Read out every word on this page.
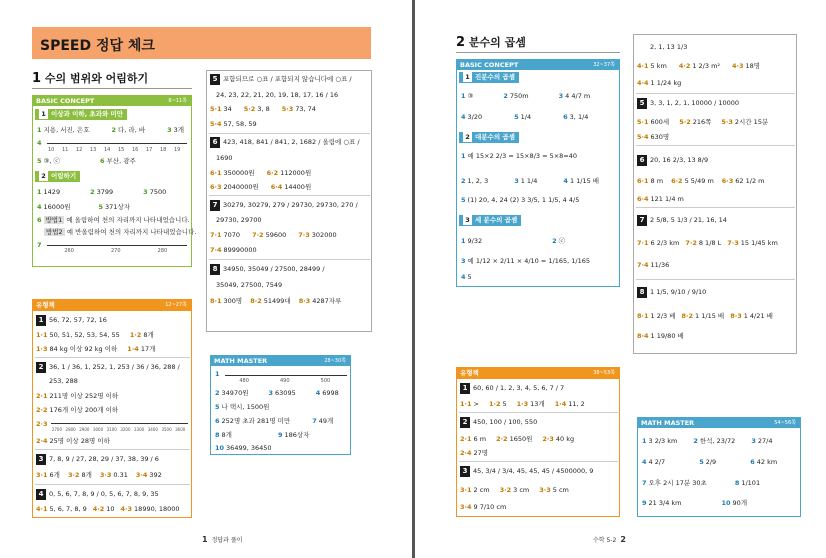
SPEED 정답 체크
1 수의 범위와 어림하기
BASIC CONCEPT	8~11쪽
1 이상과 이하, 초과와 미만
1 지용, 서진, 은호	2 다, 라, 바	3 3개
4
10 11 12 13 14 15 16 17 18 19
5 ③, ⓒ	6 부산, 광주
2 어림하기
1 1429	2 3799	3 7500
4 16000원	5 371상자
6 방법1 예 올림하여 천의 자리까지 나타내었습니다.
방법2 예 반올림하여 천의 자리까지 나타내었습니다.
7
260	270	280
유형책	12~27쪽
1 56, 72, 57, 72, 16
1·1 50, 51, 52, 53, 54, 55 1·2 8개
1·3 84 kg 이상 92 kg 이하 1·4 17개
2 36, 1 / 36, 1, 252, 1, 253 / 36 / 36, 288 /
253, 288
2·1 211명 이상 252명 이하
2·2 176개 이상 200개 이하
2·3
2700 2800 2900 3000 3100 3200 3300 3400 3500 3600
2·4 25명 이상 28명 이하
3 7, 8, 9 / 27, 28, 29 / 37, 38, 39 / 6
3·1 6개 3·2 8개 3·3 0.31 3·4 392
4 0, 5, 6, 7, 8, 9 / 0, 5, 6, 7, 8, 9, 35
4·1 5, 6, 7, 8, 9 4·2 10 4·3 18990, 18000
5 포함되므로 ○표 / 포함되지 않습니다에 ○표 /
24, 23, 22, 21, 20, 19, 18, 17, 16 / 16
5·1 34 5·2 3, 8 5·3 73, 74
5·4 57, 58, 59
6 423, 418, 841 / 841, 2, 1682 / 올림에 ○표 /
1690
6·1 350000원 6·2 112000원
6·3 2040000원 6·4 14400원
7 30279, 30279, 279 / 29730, 29730, 270 /
29730, 29700
7·1 7070 7·2 59600 7·3 302000
7·4 89990000
8 34950, 35049 / 27500, 28499 /
35049, 27500, 7549
8·1 300명 8·2 51499대 8·3 4287자루
MATH MASTER	28~30쪽
1
480	490	500
2 34970원	3 63095	4 6998
5 나 택시, 1500원
6 252명 초과 281명 미만	7 49개
8 8개	9 186상자
10 36499, 36450
1 정답과 풀이
2 분수의 곱셈
BASIC CONCEPT	32~37쪽
1 진분수의 곱셈
1 ③	2 750m	3 4 4/7 m
4 3/20	5 1/4	6 3, 1/4
2 대분수의 곱셈
1 예 15×2 2/3 = 15×8/3 = 5×8=40
2 1, 2, 3	3 1 1/4	4 1 1/15 배
5 (1) 20, 4, 24 (2) 3 3/5, 1 1/5, 4 4/5
3 세 분수의 곱셈
1 9/32	2 ⓒ
3 예 1/12 × 2/11 × 4/10 = 1/165, 1/165
4 5
유형책	38~53쪽
1 60, 60 / 1, 2, 3, 4, 5, 6, 7 / 7
1·1 > 1·2 5 1·3 13개 1·4 11, 2
2 450, 100 / 100, 550
2·1 6 m 2·2 1650원 2·3 40 kg
2·4 27명
3 45, 3/4 / 3/4, 45, 45, 45 / 4500000, 9
3·1 2 cm 3·2 3 cm 3·3 5 cm
3·4 9 7/10 cm
2, 1, 13 1/3
4·1 5 km 4·2 1 2/3 m² 4·3 18명
4·4 1 1/24 kg
5 3, 3, 1, 2, 1, 10000 / 10000
5·1 600세 5·2 216쪽 5·3 2시간 15분
5·4 630명
6 20, 16 2/3, 13 8/9
6·1 8 m 6·2 5 5/49 m 6·3 62 1/2 m
6·4 121 1/4 m
7 2 5/8, 5 1/3 / 21, 16, 14
7·1 6 2/3 km 7·2 8 1/8 L 7·3 15 1/45 km
7·4 11/36
8 1 1/5, 9/10 / 9/10
8·1 1 2/3 배 8·2 1 1/15 배 8·3 1 4/21 배
8·4 1 19/80 배
MATH MASTER	54~56쪽
1 3 2/3 km 2 한석, 23/72 3 27/4
4 4 2/7	5 2/9	6 42 km
7 오후 2시 17분 30초	8 1/101
9 21 3/4 km	10 90개
수학 5-2 2
